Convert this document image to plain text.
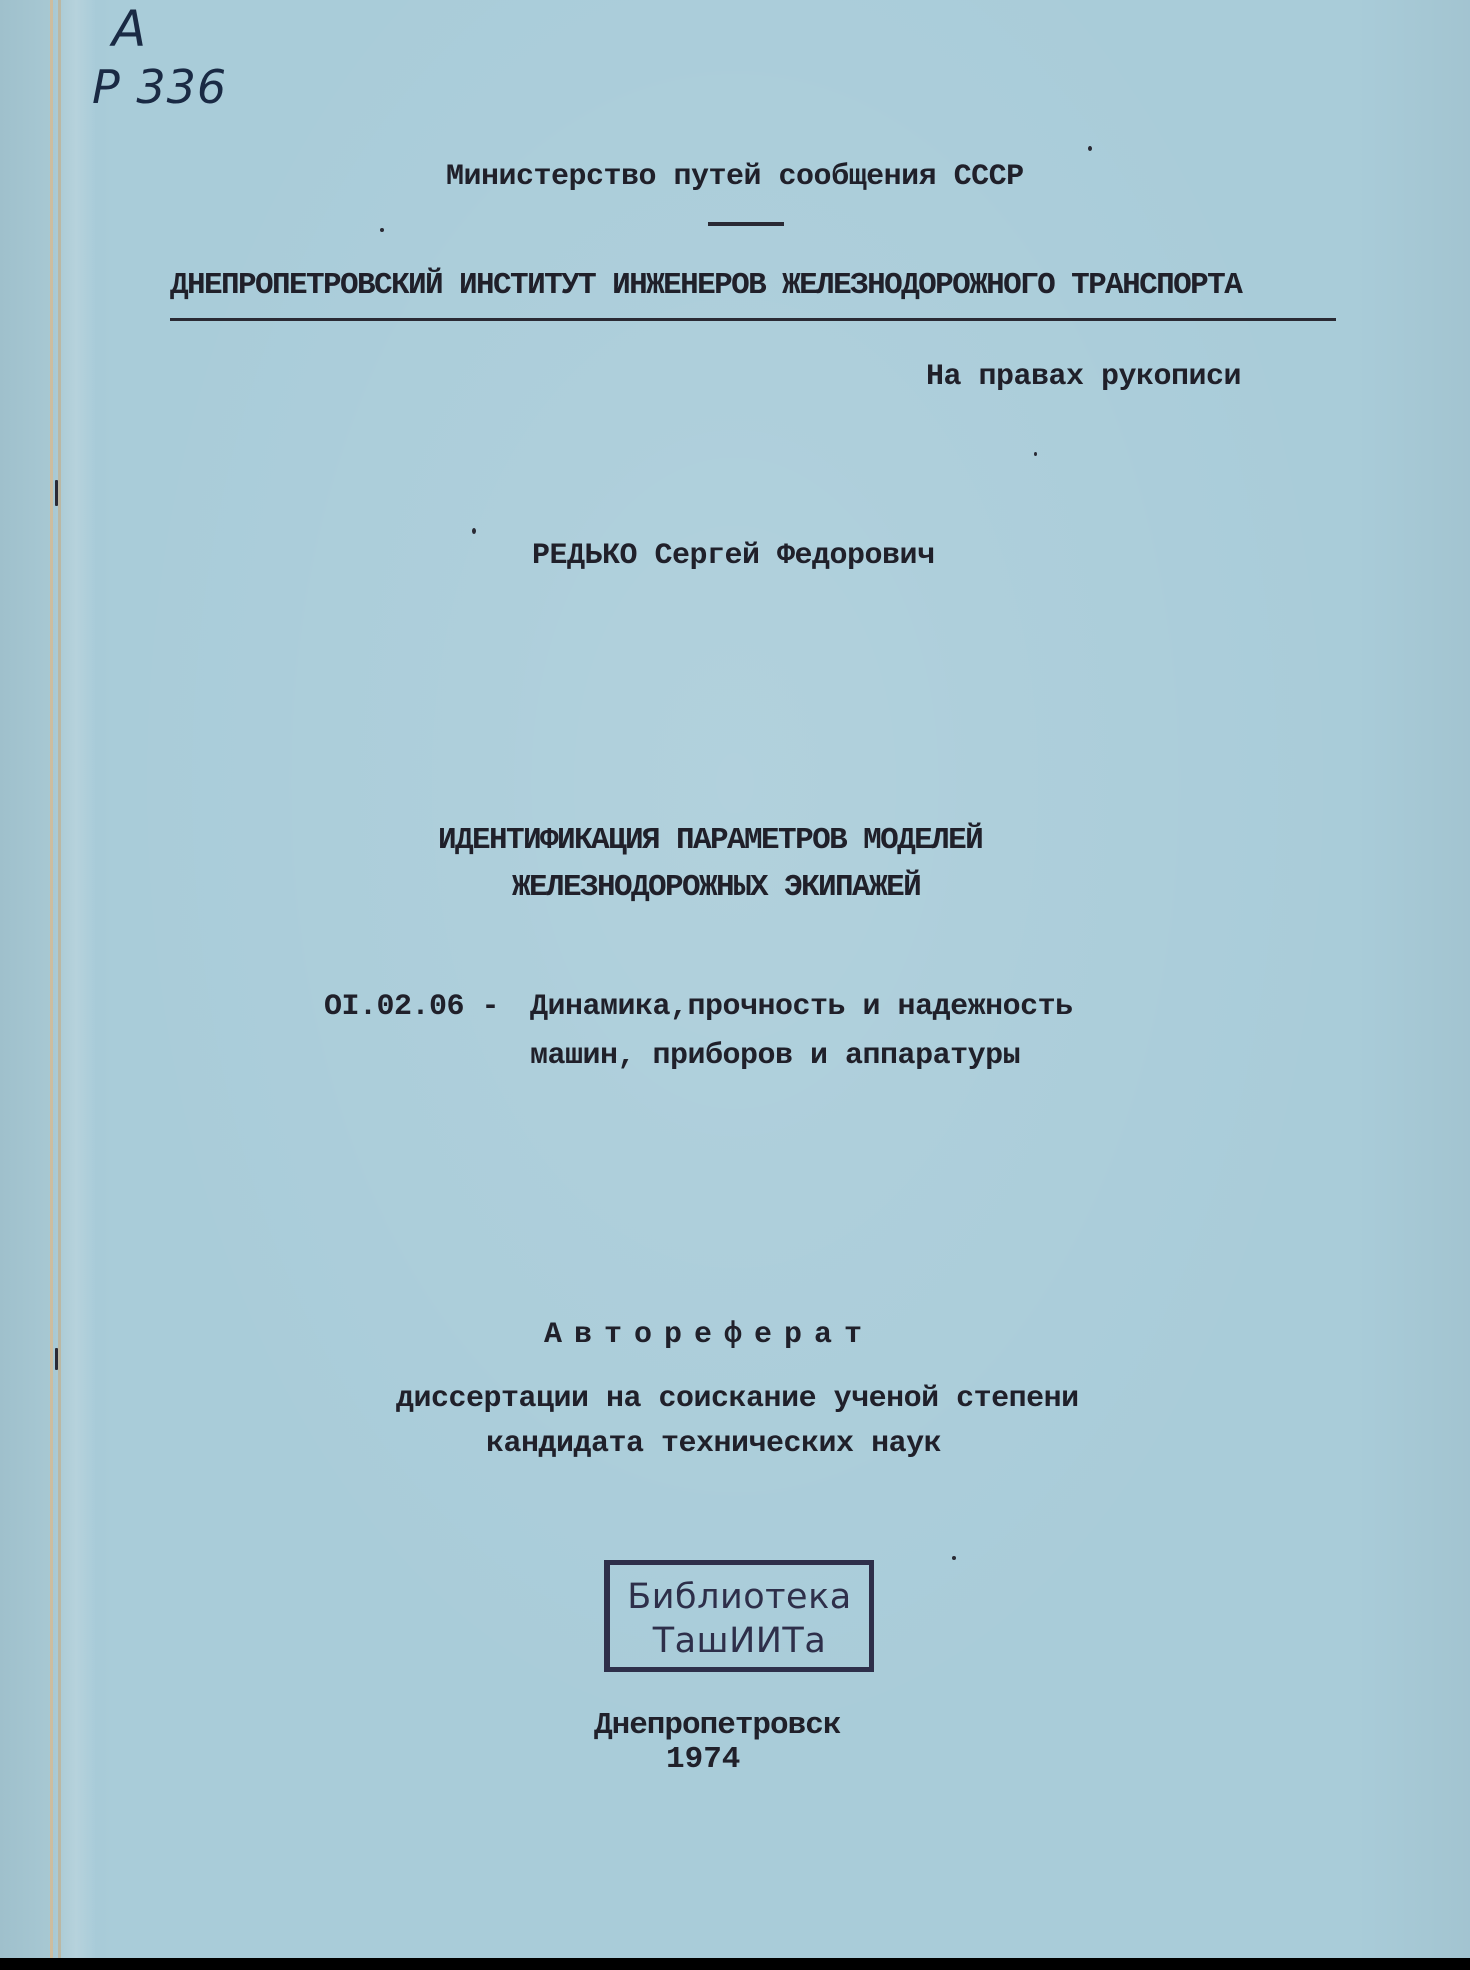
A
P 336
Министерство путей сообщения СССР
ДНЕПРОПЕТРОВСКИЙ ИНСТИТУТ ИНЖЕНЕРОВ ЖЕЛЕЗНОДОРОЖНОГО ТРАНСПОРТА
На правах рукописи
РЕДЬКО Сергей Федорович
ИДЕНТИФИКАЦИЯ ПАРАМЕТРОВ МОДЕЛЕЙ
ЖЕЛЕЗНОДОРОЖНЫХ ЭКИПАЖЕЙ
OI.02.06 - Динамика,прочность и надежность
машин, приборов и аппаратуры
Автореферат
диссертации на соискание ученой степени
кандидата технических наук
Библиотека
ТашИИТа
Днепропетровск
1974
